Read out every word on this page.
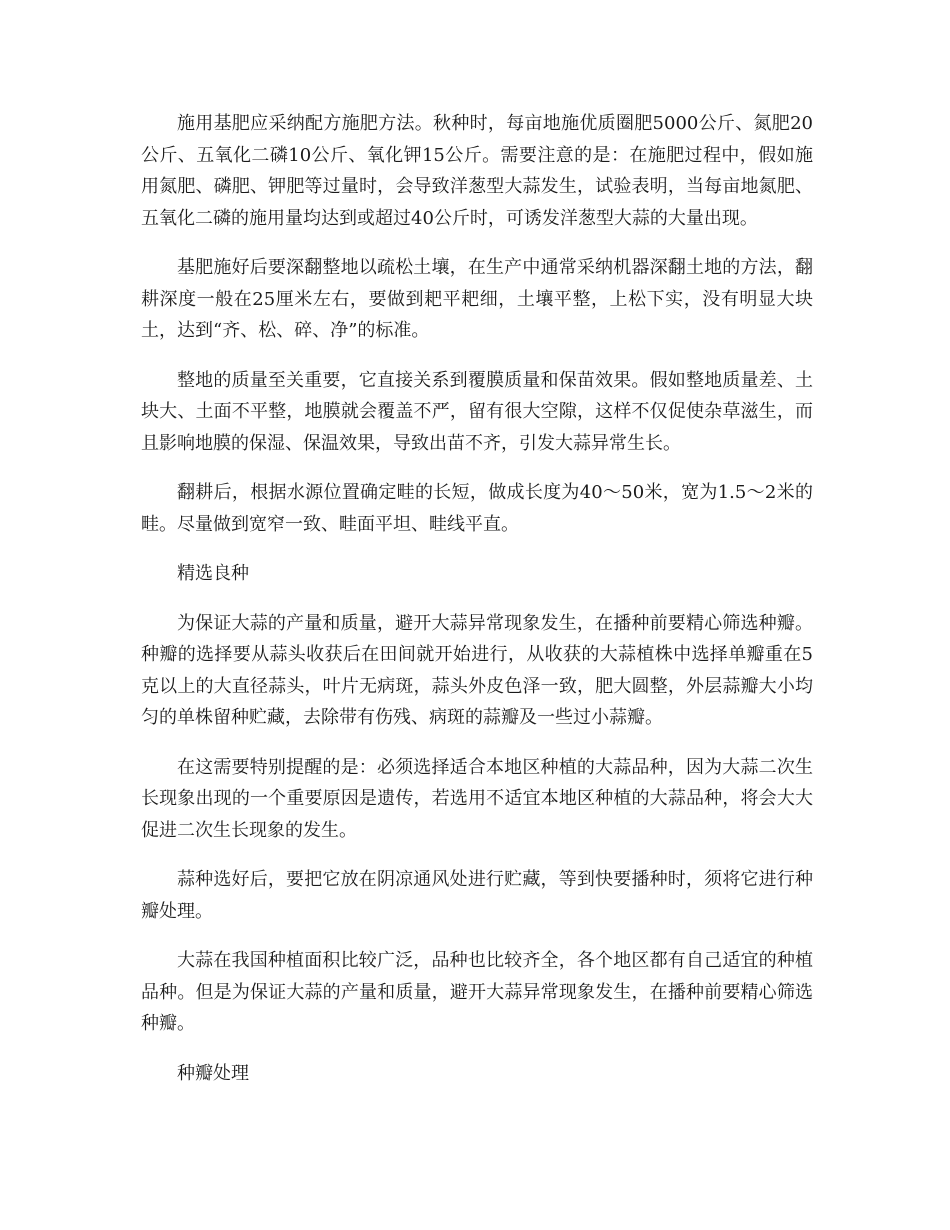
施用基肥应采纳配方施肥方法。秋种时，每亩地施优质圈肥5000公斤、氮肥20公斤、五氧化二磷10公斤、氧化钾15公斤。需要注意的是：在施肥过程中，假如施用氮肥、磷肥、钾肥等过量时，会导致洋葱型大蒜发生，试验表明，当每亩地氮肥、五氧化二磷的施用量均达到或超过40公斤时，可诱发洋葱型大蒜的大量出现。

基肥施好后要深翻整地以疏松土壤，在生产中通常采纳机器深翻土地的方法，翻耕深度一般在25厘米左右，要做到耙平耙细，土壤平整，上松下实，没有明显大块土，达到“齐、松、碎、净”的标准。

整地的质量至关重要，它直接关系到覆膜质量和保苗效果。假如整地质量差、土块大、土面不平整，地膜就会覆盖不严，留有很大空隙，这样不仅促使杂草滋生，而且影响地膜的保湿、保温效果，导致出苗不齐，引发大蒜异常生长。

翻耕后，根据水源位置确定畦的长短，做成长度为40～50米，宽为1.5～2米的畦。尽量做到宽窄一致、畦面平坦、畦线平直。

精选良种

为保证大蒜的产量和质量，避开大蒜异常现象发生，在播种前要精心筛选种瓣。种瓣的选择要从蒜头收获后在田间就开始进行，从收获的大蒜植株中选择单瓣重在5克以上的大直径蒜头，叶片无病斑，蒜头外皮色泽一致，肥大圆整，外层蒜瓣大小均匀的单株留种贮藏，去除带有伤残、病斑的蒜瓣及一些过小蒜瓣。

在这需要特别提醒的是：必须选择适合本地区种植的大蒜品种，因为大蒜二次生长现象出现的一个重要原因是遗传，若选用不适宜本地区种植的大蒜品种，将会大大促进二次生长现象的发生。

蒜种选好后，要把它放在阴凉通风处进行贮藏，等到快要播种时，须将它进行种瓣处理。

大蒜在我国种植面积比较广泛，品种也比较齐全，各个地区都有自己适宜的种植品种。但是为保证大蒜的产量和质量，避开大蒜异常现象发生，在播种前要精心筛选种瓣。

种瓣处理
